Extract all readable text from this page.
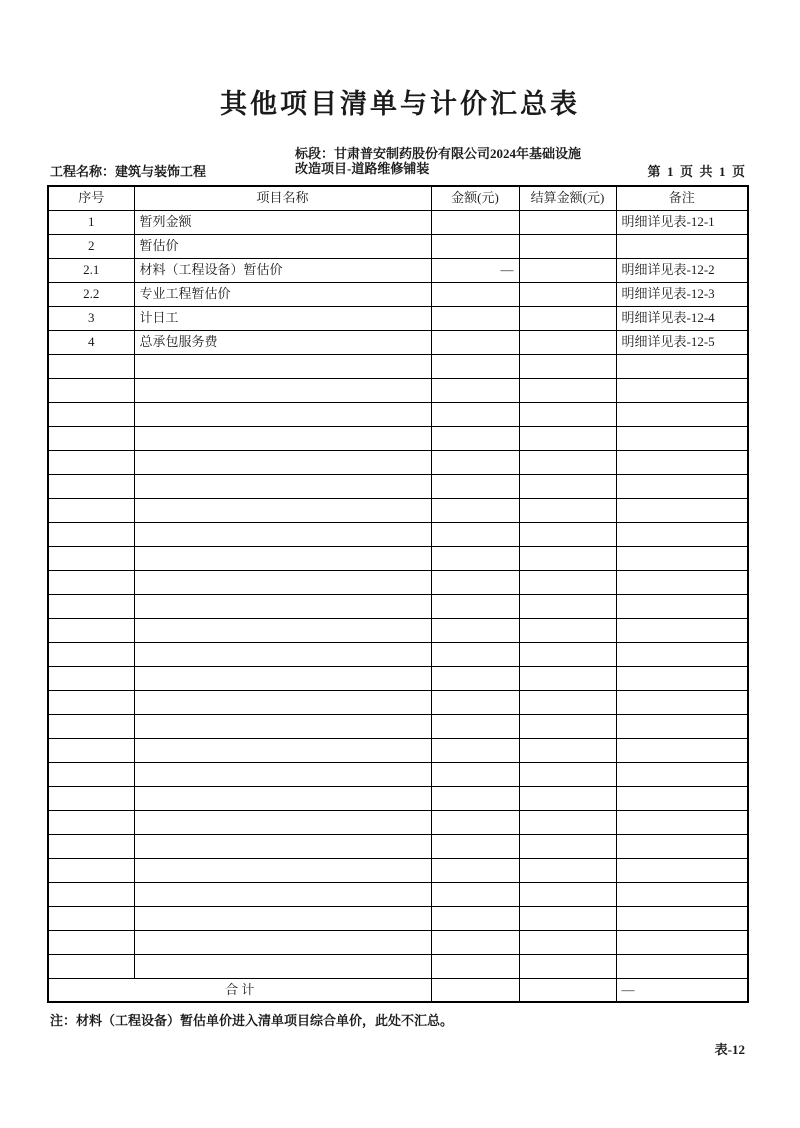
其他项目清单与计价汇总表
工程名称：建筑与装饰工程
标段：甘肃普安制药股份有限公司2024年基础设施
改造项目-道路维修铺装	第  1  页  共  1  页
序号	项目名称	金额(元)	结算金额(元)	备注
1	暂列金额			明细详见表-12-1
2	暂估价			
2.1	材料（工程设备）暂估价	—		明细详见表-12-2
2.2	专业工程暂估价			明细详见表-12-3
3	计日工			明细详见表-12-4
4	总承包服务费			明细详见表-12-5

合 计				—
注：材料（工程设备）暂估单价进入清单项目综合单价，此处不汇总。
表-12
